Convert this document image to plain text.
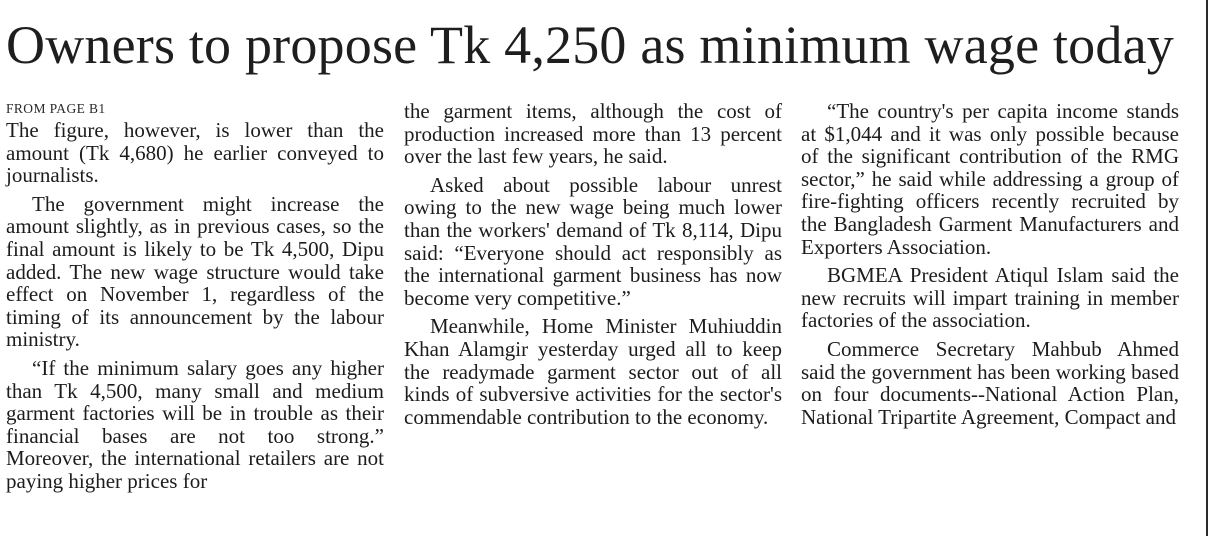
Owners to propose Tk 4,250 as minimum wage today
FROM PAGE B1

The figure, however, is lower than the amount (Tk 4,680) he earlier conveyed to journalists.

The government might increase the amount slightly, as in previous cases, so the final amount is likely to be Tk 4,500, Dipu added. The new wage structure would take effect on November 1, regardless of the timing of its announcement by the labour ministry.

“If the minimum salary goes any higher than Tk 4,500, many small and medium garment factories will be in trouble as their financial bases are not too strong.” Moreover, the international retailers are not paying higher prices for

the garment items, although the cost of production increased more than 13 percent over the last few years, he said.

Asked about possible labour unrest owing to the new wage being much lower than the workers' demand of Tk 8,114, Dipu said: “Everyone should act responsibly as the international garment business has now become very competitive.”

Meanwhile, Home Minister Muhiuddin Khan Alamgir yesterday urged all to keep the readymade garment sector out of all kinds of subversive activities for the sector's commendable contribution to the economy.

“The country's per capita income stands at $1,044 and it was only possible because of the significant contribution of the RMG sector,” he said while addressing a group of fire-fighting officers recently recruited by the Bangladesh Garment Manufacturers and Exporters Association.

BGMEA President Atiqul Islam said the new recruits will impart training in member factories of the association.

Commerce Secretary Mahbub Ahmed said the government has been working based on four documents--National Action Plan, National Tripartite Agreement, Compact and
